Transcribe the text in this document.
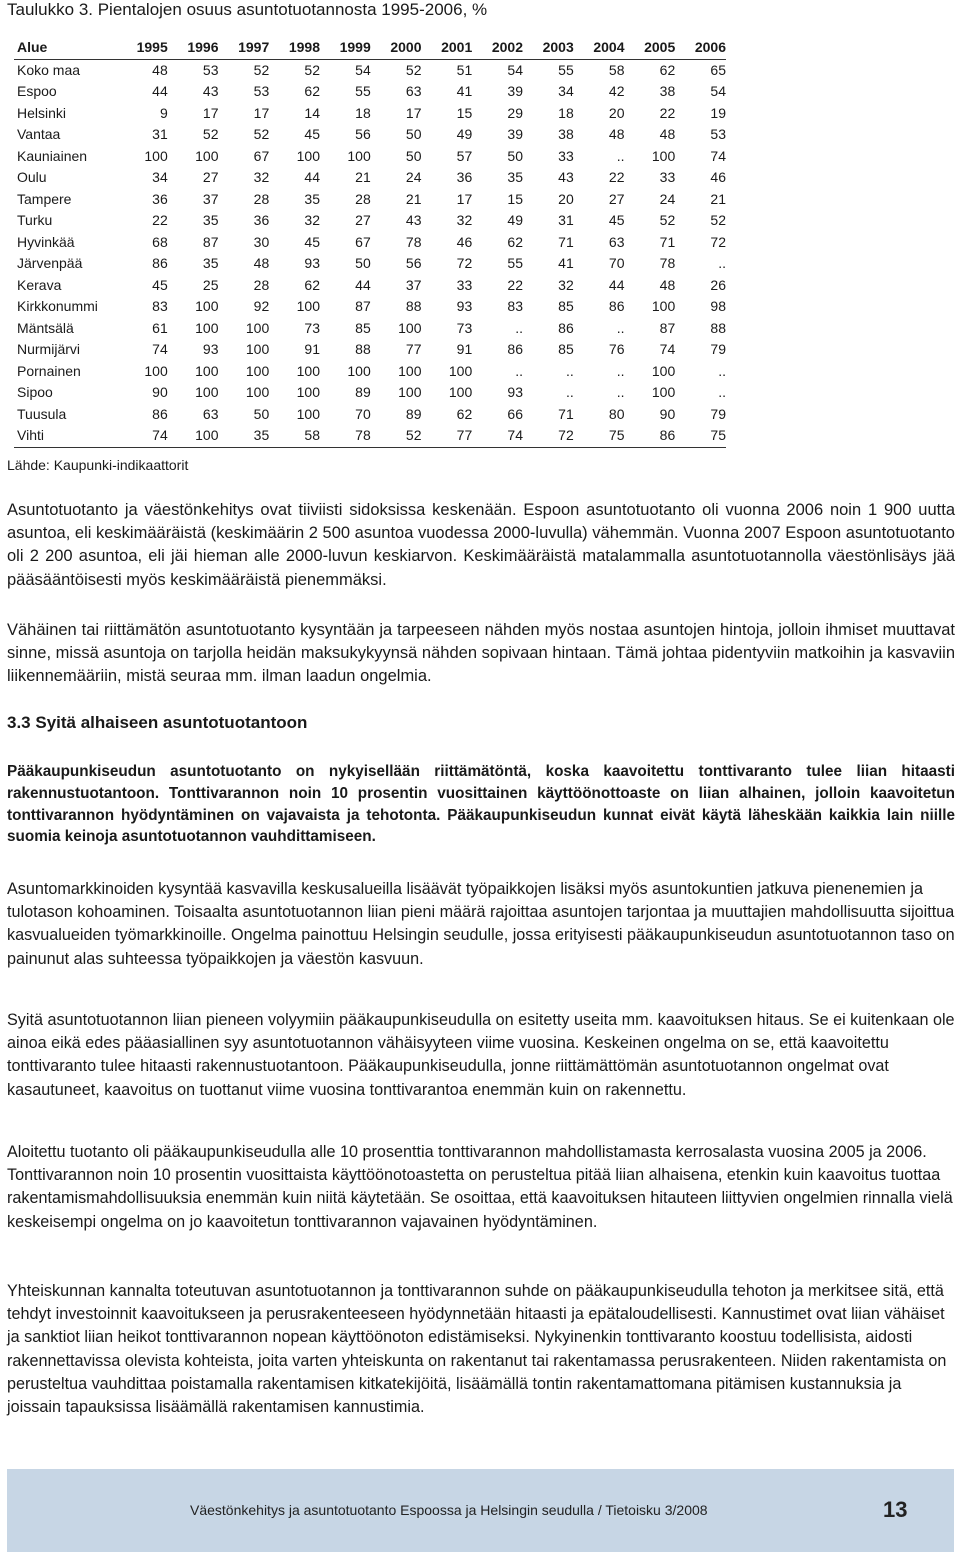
Taulukko 3. Pientalojen osuus asuntotuotannosta 1995-2006, %
Alue	1995	1996	1997	1998	1999	2000	2001	2002	2003	2004	2005	2006
Koko maa	48	53	52	52	54	52	51	54	55	58	62	65
Espoo	44	43	53	62	55	63	41	39	34	42	38	54
Helsinki	9	17	17	14	18	17	15	29	18	20	22	19
Vantaa	31	52	52	45	56	50	49	39	38	48	48	53
Kauniainen	100	100	67	100	100	50	57	50	33	..	100	74
Oulu	34	27	32	44	21	24	36	35	43	22	33	46
Tampere	36	37	28	35	28	21	17	15	20	27	24	21
Turku	22	35	36	32	27	43	32	49	31	45	52	52
Hyvinkää	68	87	30	45	67	78	46	62	71	63	71	72
Järvenpää	86	35	48	93	50	56	72	55	41	70	78	..
Kerava	45	25	28	62	44	37	33	22	32	44	48	26
Kirkkonummi	83	100	92	100	87	88	93	83	85	86	100	98
Mäntsälä	61	100	100	73	85	100	73	..	86	..	87	88
Nurmijärvi	74	93	100	91	88	77	91	86	85	76	74	79
Pornainen	100	100	100	100	100	100	100	..	..	..	100	..
Sipoo	90	100	100	100	89	100	100	93	..	..	100	..
Tuusula	86	63	50	100	70	89	62	66	71	80	90	79
Vihti	74	100	35	58	78	52	77	74	72	75	86	75
Lähde: Kaupunki-indikaattorit

Asuntotuotanto ja väestönkehitys ovat tiiviisti sidoksissa keskenään. Espoon asuntotuotanto oli vuonna 2006 noin 1 900 uutta asuntoa, eli keskimääräistä (keskimäärin 2 500 asuntoa vuodessa 2000-luvulla) vähemmän. Vuonna 2007 Espoon asuntotuotanto oli 2 200 asuntoa, eli jäi hieman alle 2000-luvun keskiarvon. Keskimääräistä matalammalla asuntotuotannolla väestönlisäys jää pääsääntöisesti myös keskimääräistä pienemmäksi.

Vähäinen tai riittämätön asuntotuotanto kysyntään ja tarpeeseen nähden myös nostaa asuntojen hintoja, jolloin ihmiset muuttavat sinne, missä asuntoja on tarjolla heidän maksukykyynsä nähden sopivaan hintaan. Tämä johtaa pidentyviin matkoihin ja kasvaviin liikennemääriin, mistä seuraa mm. ilman laadun ongelmia.

3.3 Syitä alhaiseen asuntotuotantoon
Pääkaupunkiseudun asuntotuotanto on nykyisellään riittämätöntä, koska kaavoitettu tonttivaranto tulee liian hitaasti rakennustuotantoon. Tonttivarannon noin 10 prosentin vuosittainen käyttöönottoaste on liian alhainen, jolloin kaavoitetun tonttivarannon hyödyntäminen on vajavaista ja tehotonta. Pääkaupunkiseudun kunnat eivät käytä läheskään kaikkia lain niille suomia keinoja asuntotuotannon vauhdittamiseen.

Asuntomarkkinoiden kysyntää kasvavilla keskusalueilla lisäävät työpaikkojen lisäksi myös asuntokuntien jatkuva pienenemien ja tulotason kohoaminen. Toisaalta asuntotuotannon liian pieni määrä rajoittaa asuntojen tarjontaa ja muuttajien mahdollisuutta sijoittua kasvualueiden työmarkkinoille. Ongelma painottuu Helsingin seudulle, jossa erityisesti pääkaupunkiseudun asuntotuotannon taso on painunut alas suhteessa työpaikkojen ja väestön kasvuun.

Syitä asuntotuotannon liian pieneen volyymiin pääkaupunkiseudulla on esitetty useita mm. kaavoituksen hitaus. Se ei kuitenkaan ole ainoa eikä edes pääasiallinen syy asuntotuotannon vähäisyyteen viime vuosina. Keskeinen ongelma on se, että kaavoitettu tonttivaranto tulee hitaasti rakennustuotantoon. Pääkaupunkiseudulla, jonne riittämättömän asuntotuotannon ongelmat ovat kasautuneet, kaavoitus on tuottanut viime vuosina tonttivarantoa enemmän kuin on rakennettu.

Aloitettu tuotanto oli pääkaupunkiseudulla alle 10 prosenttia tonttivarannon mahdollistamasta kerrosalasta vuosina 2005 ja 2006. Tonttivarannon noin 10 prosentin vuosittaista käyttöönotoastetta on perusteltua pitää liian alhaisena, etenkin kuin kaavoitus tuottaa rakentamismahdollisuuksia enemmän kuin niitä käytetään. Se osoittaa, että kaavoituksen hitauteen liittyvien ongelmien rinnalla vielä keskeisempi ongelma on jo kaavoitetun tonttivarannon vajavainen hyödyntäminen.

Yhteiskunnan kannalta toteutuvan asuntotuotannon ja tonttivarannon suhde on pääkaupunkiseudulla tehoton ja merkitsee sitä, että tehdyt investoinnit kaavoitukseen ja perusrakenteeseen hyödynnetään hitaasti ja epätaloudellisesti. Kannustimet ovat liian vähäiset ja sanktiot liian heikot tonttivarannon nopean käyttöönoton edistämiseksi. Nykyinenkin tonttivaranto koostuu todellisista, aidosti rakennettavissa olevista kohteista, joita varten yhteiskunta on rakentanut tai rakentamassa perusrakenteen. Niiden rakentamista on perusteltua vauhdittaa poistamalla rakentamisen kitkatekijöitä, lisäämällä tontin rakentamattomana pitämisen kustannuksia ja joissain tapauksissa lisäämällä rakentamisen kannustimia.

Väestönkehitys ja asuntotuotanto Espoossa ja Helsingin seudulla / Tietoisku 3/2008	13
